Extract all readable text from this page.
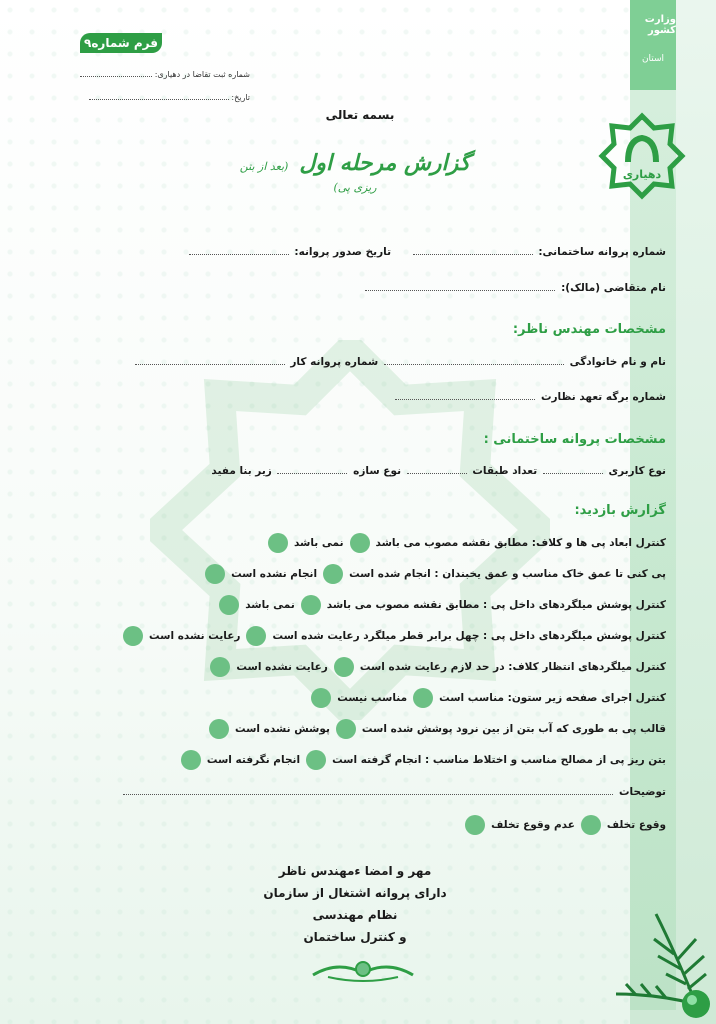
وزارت کشور
استان
دهیاری
فرم شماره۹
شماره ثبت تقاضا در دهیاری:
تاریخ:
بسمه تعالی
گزارش مرحله اول (بعد از بتن ریزی پی)
شماره پروانه ساختمانی:  تاریخ صدور پروانه:
نام متقاضی (مالک):
مشخصات مهندس ناظر:
نام و نام خانوادگی  شماره پروانه کار
شماره برگه تعهد نظارت
مشخصات پروانه ساختمانی :
نوع کاربری  تعداد طبقات  نوع سازه  زیر بنا مفید
گزارش بازدید:
کنترل ابعاد پی ها و کلاف: مطابق نقشه مصوب می باشد
نمی باشد
پی کنی تا عمق خاک مناسب و عمق یخبندان : انجام شده است
انجام نشده است
کنترل پوشش میلگردهای داخل پی : مطابق نقشه مصوب می باشد
نمی باشد
کنترل پوشش میلگردهای داخل پی : چهل برابر قطر میلگرد رعایت شده است
رعایت نشده است
کنترل میلگردهای انتظار کلاف: در حد لازم رعایت شده است
رعایت نشده است
کنترل اجرای صفحه زیر ستون: مناسب است
مناسب نیست
قالب پی به طوری که آب بتن از بین نرود پوشش شده است
پوشش نشده است
بتن ریز پی از مصالح مناسب و اختلاط مناسب : انجام گرفته است
انجام نگرفته است
توضیحات
وقوع تخلف
عدم وقوع تخلف
مهر و امضا ءمهندس ناظر
دارای پروانه اشتغال از سازمان نظام مهندسی
و کنترل ساختمان
